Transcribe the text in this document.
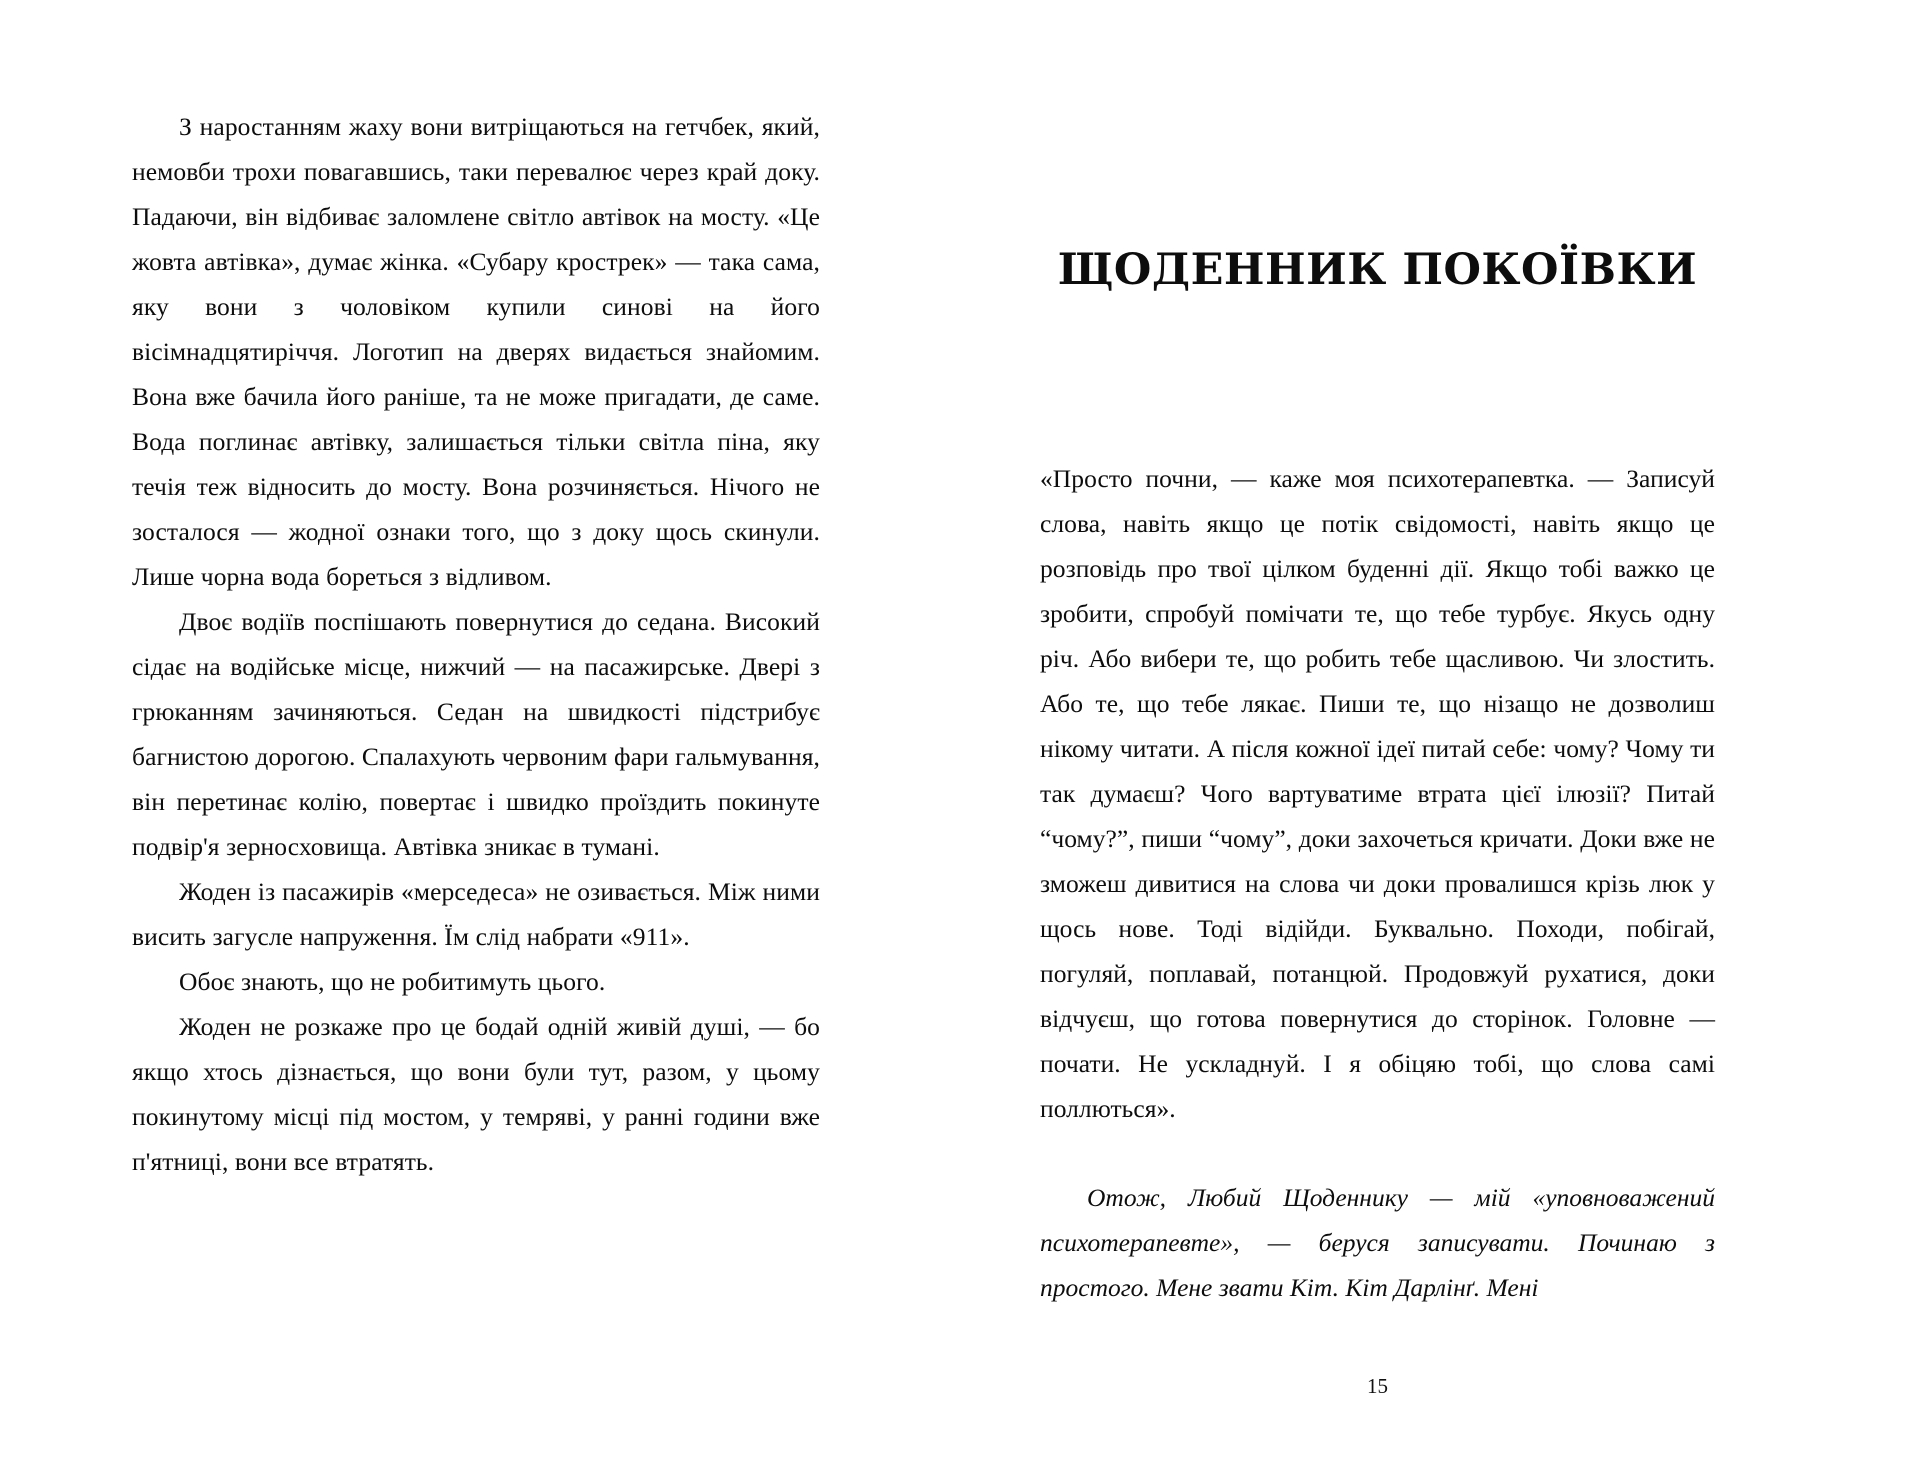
З наростанням жаху вони витріщаються на гетчбек, який, немовби трохи повагавшись, таки перевалює через край доку. Падаючи, він відбиває заломлене світло автівок на мосту. «Це жовта автівка», думає жінка. «Субару крострек» — така сама, яку вони з чоловіком купили синові на його вісімнадцятиріччя. Логотип на дверях видається знайомим. Вона вже бачила його раніше, та не може пригадати, де саме. Вода поглинає автівку, залишається тільки світла піна, яку течія теж відносить до мосту. Вона розчиняється. Нічого не зосталося — жодної ознаки того, що з доку щось скинули. Лише чорна вода бореться з відливом.

Двоє водіїв поспішають повернутися до седана. Високий сідає на водійське місце, нижчий — на пасажирське. Двері з грюканням зачиняються. Седан на швидкості підстрибує багнистою дорогою. Спалахують червоним фари гальмування, він перетинає колію, повертає і швидко проїздить покинуте подвір'я зерносховища. Автівка зникає в тумані.

Жоден із пасажирів «мерседеса» не озивається. Між ними висить загусле напруження. Їм слід набрати «911».

Обоє знають, що не робитимуть цього.

Жоден не розкаже про це бодай одній живій душі, — бо якщо хтось дізнається, що вони були тут, разом, у цьому покинутому місці під мостом, у темряві, у ранні години вже п'ятниці, вони все втратять.

ЩОДЕННИК ПОКОЇВКИ

«Просто почни, — каже моя психотерапевтка. — Записуй слова, навіть якщо це потік свідомості, навіть якщо це розповідь про твої цілком буденні дії. Якщо тобі важко це зробити, спробуй помічати те, що тебе турбує. Якусь одну річ. Або вибери те, що робить тебе щасливою. Чи злостить. Або те, що тебе лякає. Пиши те, що нізащо не дозволиш нікому читати. А після кожної ідеї питай себе: чому? Чому ти так думаєш? Чого вартуватиме втрата цієї ілюзії? Питай “чому?”, пиши “чому”, доки захочеться кричати. Доки вже не зможеш дивитися на слова чи доки провалишся крізь люк у щось нове. Тоді відійди. Буквально. Походи, побігай, погуляй, поплавай, потанцюй. Продовжуй рухатися, доки відчуєш, що готова повернутися до сторінок. Головне — почати. Не ускладнуй. І я обіцяю тобі, що слова самі поллються».

Отож, Любий Щоденнику — мій «уповноважений психотерапевте», — беруся записувати. Починаю з простого. Мене звати Кіт. Кіт Дарлінґ. Мені

15
